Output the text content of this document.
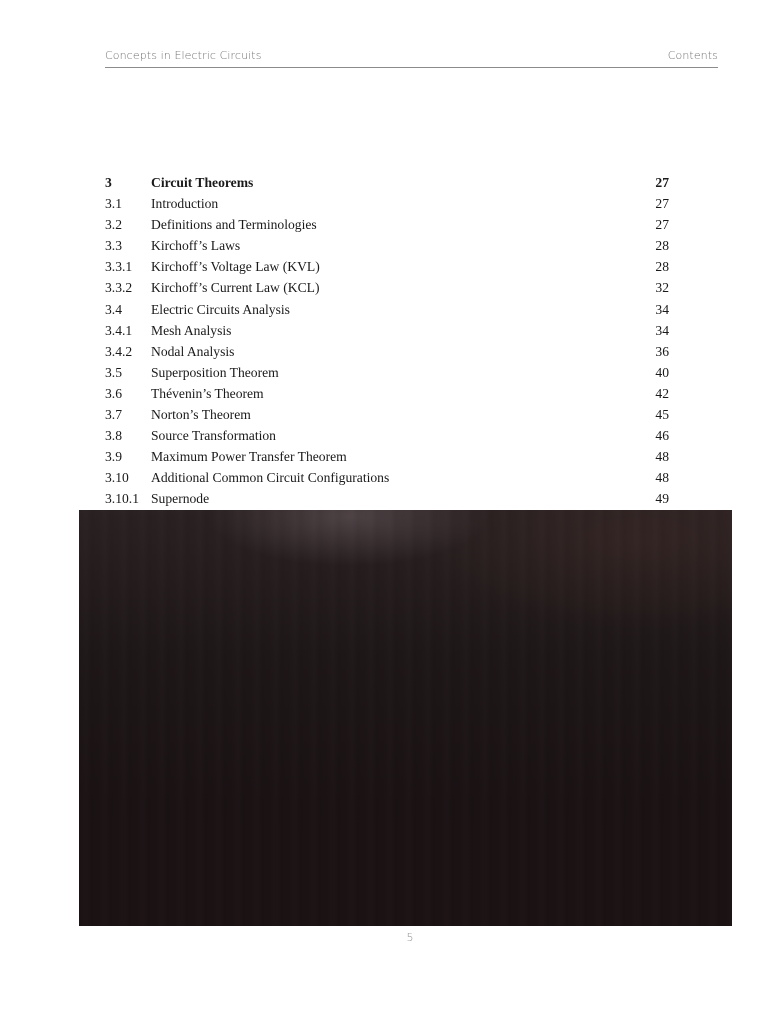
Concepts in Electric Circuits	Contents
3	Circuit Theorems	27
3.1 Introduction	27
3.2 Definitions and Terminologies	27
3.3 Kirchoff’s Laws	28
3.3.1 Kirchoff’s Voltage Law (KVL)	28
3.3.2 Kirchoff’s Current Law (KCL)	32
3.4 Electric Circuits Analysis	34
3.4.1 Mesh Analysis	34
3.4.2 Nodal Analysis	36
3.5 Superposition Theorem	40
3.6 Thévenin’s Theorem	42
3.7 Norton’s Theorem	45
3.8 Source Transformation	46
3.9 Maximum Power Transfer Theorem	48
3.10 Additional Common Circuit Configurations	48
3.10.1 Supernode	49
5
